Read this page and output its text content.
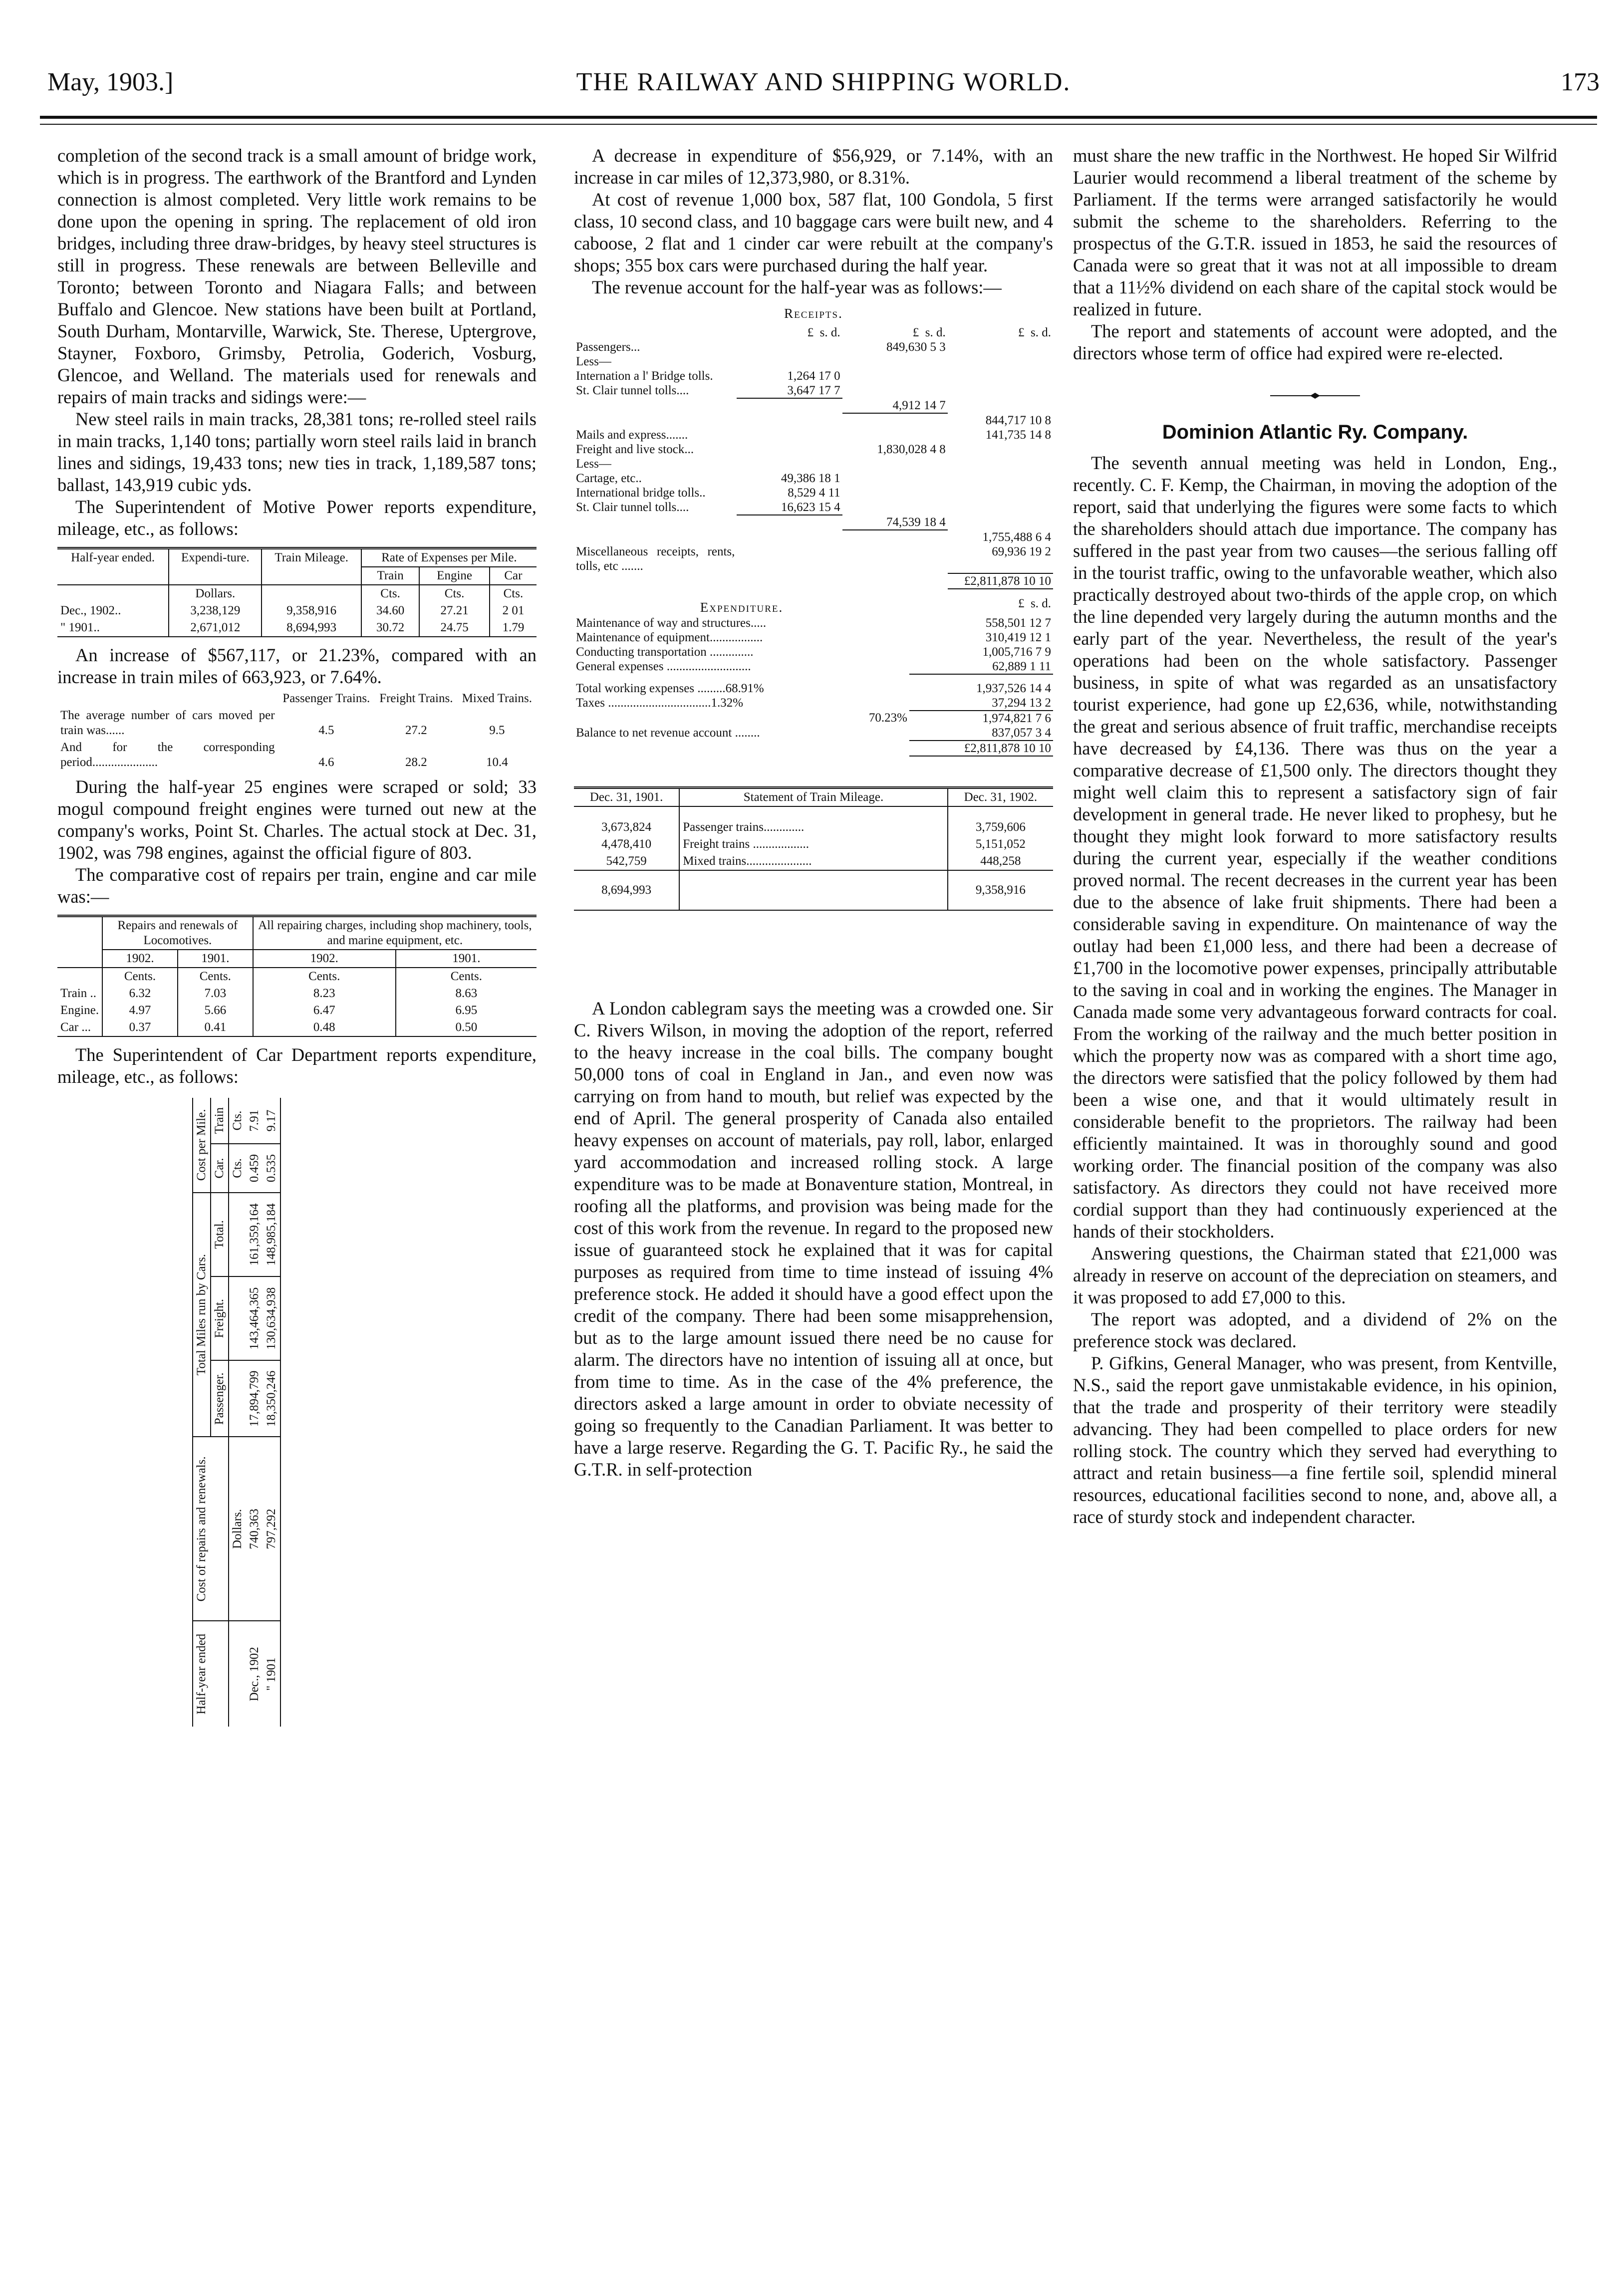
May, 1903.]	THE RAILWAY AND SHIPPING WORLD.	173

completion of the second track is a small amount of bridge work, which is in progress. The earthwork of the Brantford and Lynden connection is almost completed. Very little work remains to be done upon the opening in spring. The replacement of old iron bridges, including three draw-bridges, by heavy steel structures is still in progress. These renewals are between Belleville and Toronto; between Toronto and Niagara Falls; and between Buffalo and Glencoe. New stations have been built at Portland, South Durham, Montarville, Warwick, Ste. Therese, Uptergrove, Stayner, Foxboro, Grimsby, Petrolia, Goderich, Vosburg, Glencoe, and Welland. The materials used for renewals and repairs of main tracks and sidings were:—

New steel rails in main tracks, 28,381 tons; re-rolled steel rails in main tracks, 1,140 tons; partially worn steel rails laid in branch lines and sidings, 19,433 tons; new ties in track, 1,189,587 tons; ballast, 143,919 cubic yds.

The Superintendent of Motive Power reports expenditure, mileage, etc., as follows:

Half-year ended.	Expendi-ture.	Train Mileage.	Rate of Expenses per Mile.		
			Train	Engine	Car
	Dollars.		Cts.	Cts.	Cts.
Dec., 1902..	3,238,129	9,358,916	34.60	27.21	2 01
" 1901..	2,671,012	8,694,993	30.72	24.75	1.79

An increase of $567,117, or 21.23%, compared with an increase in train miles of 663,923, or 7.64%.

	Passenger Trains.	Freight Trains.	Mixed Trains.
The average number of cars moved per train was......	4.5	27.2	9.5
And for the corresponding period.....................	4.6	28.2	10.4

During the half-year 25 engines were scraped or sold; 33 mogul compound freight engines were turned out new at the company's works, Point St. Charles. The actual stock at Dec. 31, 1902, was 798 engines, against the official figure of 803.

The comparative cost of repairs per train, engine and car mile was:—

	Repairs and renewals of Locomotives.		All repairing charges, including shop machinery, tools, and marine equipment, etc.	
	1902.	1901.	1902.	1901.
	Cents.	Cents.	Cents.	Cents.
Train ..	6.32	7.03	8.23	8.63
Engine.	4.97	5.66	6.47	6.95
Car ...	0.37	0.41	0.48	0.50

The Superintendent of Car Department reports expenditure, mileage, etc., as follows:

Half-year ended	Cost of repairs and renewals.	Total Miles run by Cars.			Cost per Mile.	
		Passenger.	Freight.	Total.	Car.	Train
	Dollars.				Cts.	Cts.
Dec., 1902	740,363	17,894,799	143,464,365	161,359,164	0.459	7.91
" 1901	797,292	18,350,246	130,634,938	148,985,184	0.535	9.17

A decrease in expenditure of $56,929, or 7.14%, with an increase in car miles of 12,373,980, or 8.31%.

At cost of revenue 1,000 box, 587 flat, 100 Gondola, 5 first class, 10 second class, and 10 baggage cars were built new, and 4 caboose, 2 flat and 1 cinder car were rebuilt at the company's shops; 355 box cars were purchased during the half year.

The revenue account for the half-year was as follows:—

Receipts.
	£ s. d.	£ s. d.	£ s. d.
Passengers...		849,630 5 3	
Less—			
Internation a l' Bridge tolls.	1,264 17 0		
St. Clair tunnel tolls....	3,647 17 7		
		4,912 14 7	
			844,717 10 8
Mails and express.......			141,735 14 8
Freight and live stock...		1,830,028 4 8	
Less—			
Cartage, etc..	49,386 18 1		
International bridge tolls..	8,529 4 11		
St. Clair tunnel tolls....	16,623 15 4		
		74,539 18 4	
			1,755,488 6 4
Miscellaneous receipts, rents, tolls, etc .......			69,936 19 2
			£2,811,878 10 10
Expenditure.	£ s. d.
Maintenance of way and structures.....	558,501 12 7
Maintenance of equipment.................	310,419 12 1
Conducting transportation ..............	1,005,716 7 9
General expenses ...........................	62,889 1 11

Total working expenses .........68.91%	1,937,526 14 4
Taxes .................................1.32%	37,294 13 2
70.23%	1,974,821 7 6
Balance to net revenue account ........	837,057 3 4
	£2,811,878 10 10
Dec. 31, 1901.	Statement of Train Mileage.	Dec. 31, 1902.

3,673,824	Passenger trains.............	3,759,606
4,478,410	Freight trains ..................	5,151,052
542,759	Mixed trains.....................	448,258
8,694,993		9,358,916

A London cablegram says the meeting was a crowded one. Sir C. Rivers Wilson, in moving the adoption of the report, referred to the heavy increase in the coal bills. The company bought 50,000 tons of coal in England in Jan., and even now was carrying on from hand to mouth, but relief was expected by the end of April. The general prosperity of Canada also entailed heavy expenses on account of materials, pay roll, labor, enlarged yard accommodation and increased rolling stock. A large expenditure was to be made at Bonaventure station, Montreal, in roofing all the platforms, and provision was being made for the cost of this work from the revenue. In regard to the proposed new issue of guaranteed stock he explained that it was for capital purposes as required from time to time instead of issuing 4% preference stock. He added it should have a good effect upon the credit of the company. There had been some misapprehension, but as to the large amount issued there need be no cause for alarm. The directors have no intention of issuing all at once, but from time to time. As in the case of the 4% preference, the directors asked a large amount in order to obviate necessity of going so frequently to the Canadian Parliament. It was better to have a large reserve. Regarding the G. T. Pacific Ry., he said the G.T.R. in self-protection

must share the new traffic in the Northwest. He hoped Sir Wilfrid Laurier would recommend a liberal treatment of the scheme by Parliament. If the terms were arranged satisfactorily he would submit the scheme to the shareholders. Referring to the prospectus of the G.T.R. issued in 1853, he said the resources of Canada were so great that it was not at all impossible to dream that a 11½% dividend on each share of the capital stock would be realized in future.

The report and statements of account were adopted, and the directors whose term of office had expired were re-elected.

Dominion Atlantic Ry. Company.

The seventh annual meeting was held in London, Eng., recently. C. F. Kemp, the Chairman, in moving the adoption of the report, said that underlying the figures were some facts to which the shareholders should attach due importance. The company has suffered in the past year from two causes—the serious falling off in the tourist traffic, owing to the unfavorable weather, which also practically destroyed about two-thirds of the apple crop, on which the line depended very largely during the autumn months and the early part of the year. Nevertheless, the result of the year's operations had been on the whole satisfactory. Passenger business, in spite of what was regarded as an unsatisfactory tourist experience, had gone up £2,636, while, notwithstanding the great and serious absence of fruit traffic, merchandise receipts have decreased by £4,136. There was thus on the year a comparative decrease of £1,500 only. The directors thought they might well claim this to represent a satisfactory sign of fair development in general trade. He never liked to prophesy, but he thought they might look forward to more satisfactory results during the current year, especially if the weather conditions proved normal. The recent decreases in the current year has been due to the absence of lake fruit shipments. There had been a considerable saving in expenditure. On maintenance of way the outlay had been £1,000 less, and there had been a decrease of £1,700 in the locomotive power expenses, principally attributable to the saving in coal and in working the engines. The Manager in Canada made some very advantageous forward contracts for coal. From the working of the railway and the much better position in which the property now was as compared with a short time ago, the directors were satisfied that the policy followed by them had been a wise one, and that it would ultimately result in considerable benefit to the proprietors. The railway had been efficiently maintained. It was in thoroughly sound and good working order. The financial position of the company was also satisfactory. As directors they could not have received more cordial support than they had continuously experienced at the hands of their stockholders.

Answering questions, the Chairman stated that £21,000 was already in reserve on account of the depreciation on steamers, and it was proposed to add £7,000 to this.

The report was adopted, and a dividend of 2% on the preference stock was declared.

P. Gifkins, General Manager, who was present, from Kentville, N.S., said the report gave unmistakable evidence, in his opinion, that the trade and prosperity of their territory were steadily advancing. They had been compelled to place orders for new rolling stock. The country which they served had everything to attract and retain business—a fine fertile soil, splendid mineral resources, educational facilities second to none, and, above all, a race of sturdy stock and independent character.
